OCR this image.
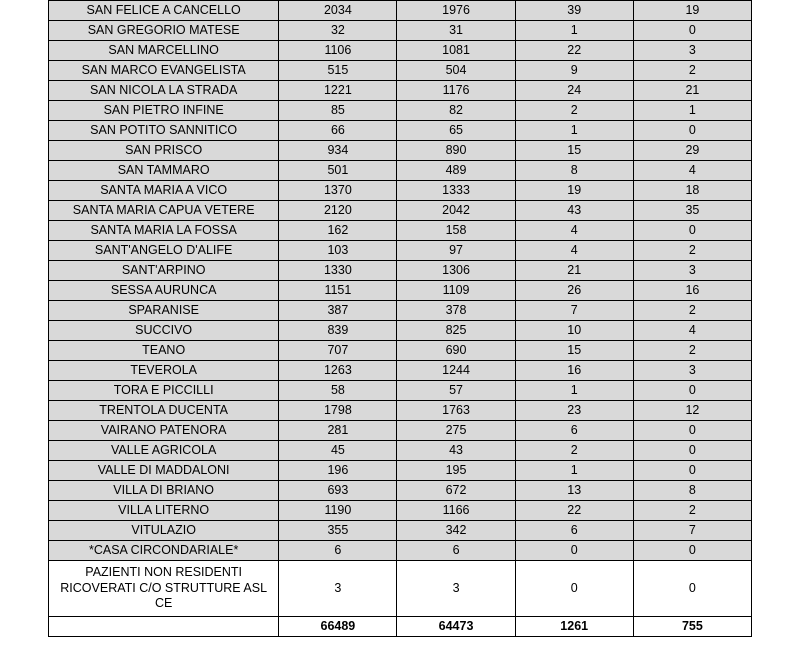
SAN FELICE A CANCELLO	2034	1976	39	19
SAN GREGORIO MATESE	32	31	1	0
SAN MARCELLINO	1106	1081	22	3
SAN MARCO EVANGELISTA	515	504	9	2
SAN NICOLA LA STRADA	1221	1176	24	21
SAN PIETRO INFINE	85	82	2	1
SAN POTITO SANNITICO	66	65	1	0
SAN PRISCO	934	890	15	29
SAN TAMMARO	501	489	8	4
SANTA MARIA A VICO	1370	1333	19	18
SANTA MARIA CAPUA VETERE	2120	2042	43	35
SANTA MARIA LA FOSSA	162	158	4	0
SANT'ANGELO D'ALIFE	103	97	4	2
SANT'ARPINO	1330	1306	21	3
SESSA AURUNCA	1151	1109	26	16
SPARANISE	387	378	7	2
SUCCIVO	839	825	10	4
TEANO	707	690	15	2
TEVEROLA	1263	1244	16	3
TORA E PICCILLI	58	57	1	0
TRENTOLA DUCENTA	1798	1763	23	12
VAIRANO PATENORA	281	275	6	0
VALLE AGRICOLA	45	43	2	0
VALLE DI MADDALONI	196	195	1	0
VILLA DI BRIANO	693	672	13	8
VILLA LITERNO	1190	1166	22	2
VITULAZIO	355	342	6	7
*CASA CIRCONDARIALE*	6	6	0	0

PAZIENTI NON RESIDENTI RICOVERATI C/O STRUTTURE ASL CE	3	3	0	0
	66489	64473	1261	755
